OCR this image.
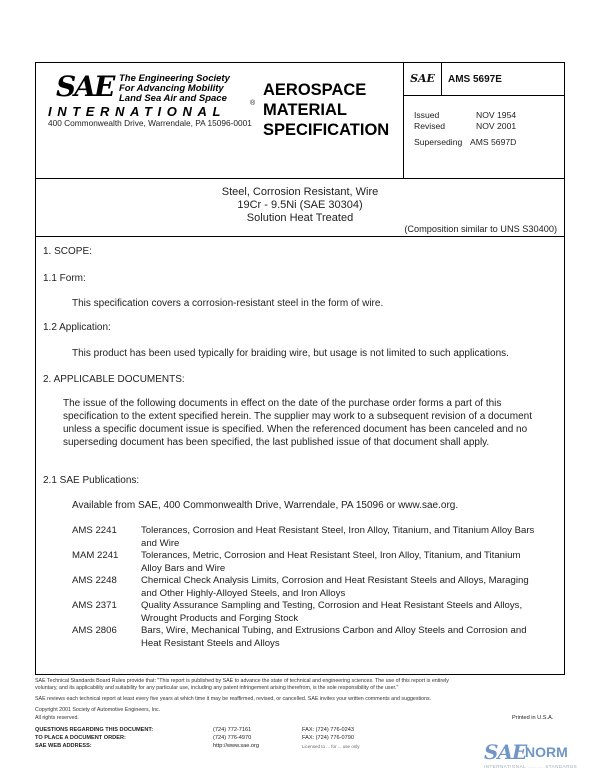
SAE The Engineering Society
For Advancing Mobility
Land Sea Air and Space
INTERNATIONAL
®
400 Commonwealth Drive, Warrendale, PA 15096-0001
AEROSPACE
MATERIAL
SPECIFICATION
SAE	AMS 5697E
Issued	NOV 1954
Revised	NOV 2001
Superseding AMS 5697D
Steel, Corrosion Resistant, Wire
19Cr - 9.5Ni (SAE 30304)
Solution Heat Treated
(Composition similar to UNS S30400)
1. SCOPE:
1.1 Form:
This specification covers a corrosion-resistant steel in the form of wire.
1.2 Application:
This product has been used typically for braiding wire, but usage is not limited to such applications.
2. APPLICABLE DOCUMENTS:
The issue of the following documents in effect on the date of the purchase order forms a part of this specification to the extent specified herein. The supplier may work to a subsequent revision of a document unless a specific document issue is specified. When the referenced document has been canceled and no superseding document has been specified, the last published issue of that document shall apply.
2.1 SAE Publications:
Available from SAE, 400 Commonwealth Drive, Warrendale, PA 15096 or www.sae.org.
AMS 2241	Tolerances, Corrosion and Heat Resistant Steel, Iron Alloy, Titanium, and Titanium Alloy Bars and Wire
MAM 2241 Tolerances, Metric, Corrosion and Heat Resistant Steel, Iron Alloy, Titanium, and Titanium Alloy Bars and Wire
AMS 2248	Chemical Check Analysis Limits, Corrosion and Heat Resistant Steels and Alloys, Maraging and Other Highly-Alloyed Steels, and Iron Alloys
AMS 2371	Quality Assurance Sampling and Testing, Corrosion and Heat Resistant Steels and Alloys, Wrought Products and Forging Stock
AMS 2806	Bars, Wire, Mechanical Tubing, and Extrusions Carbon and Alloy Steels and Corrosion and Heat Resistant Steels and Alloys
SAE Technical Standards Board Rules provide that: "This report is published by SAE to advance the state of technical and engineering sciences. The use of this report is entirely
voluntary, and its applicability and suitability for any particular use, including any patent infringement arising therefrom, is the sole responsibility of the user."
SAE reviews each technical report at least every five years at which time it may be reaffirmed, revised, or cancelled. SAE invites your written comments and suggestions.
Copyright 2001 Society of Automotive Engineers, Inc.
All rights reserved.	Printed in U.S.A.
QUESTIONS REGARDING THIS DOCUMENT:	(724) 772-7161	FAX: (724) 776-0243
TO PLACE A DOCUMENT ORDER:	(724) 776-4970	FAX: (724) 776-0790
SAE WEB ADDRESS:	http://www.sae.org	Licensed to ... for ... use only	SAE
NORM
INTERNATIONAL ......... STANDARDS
